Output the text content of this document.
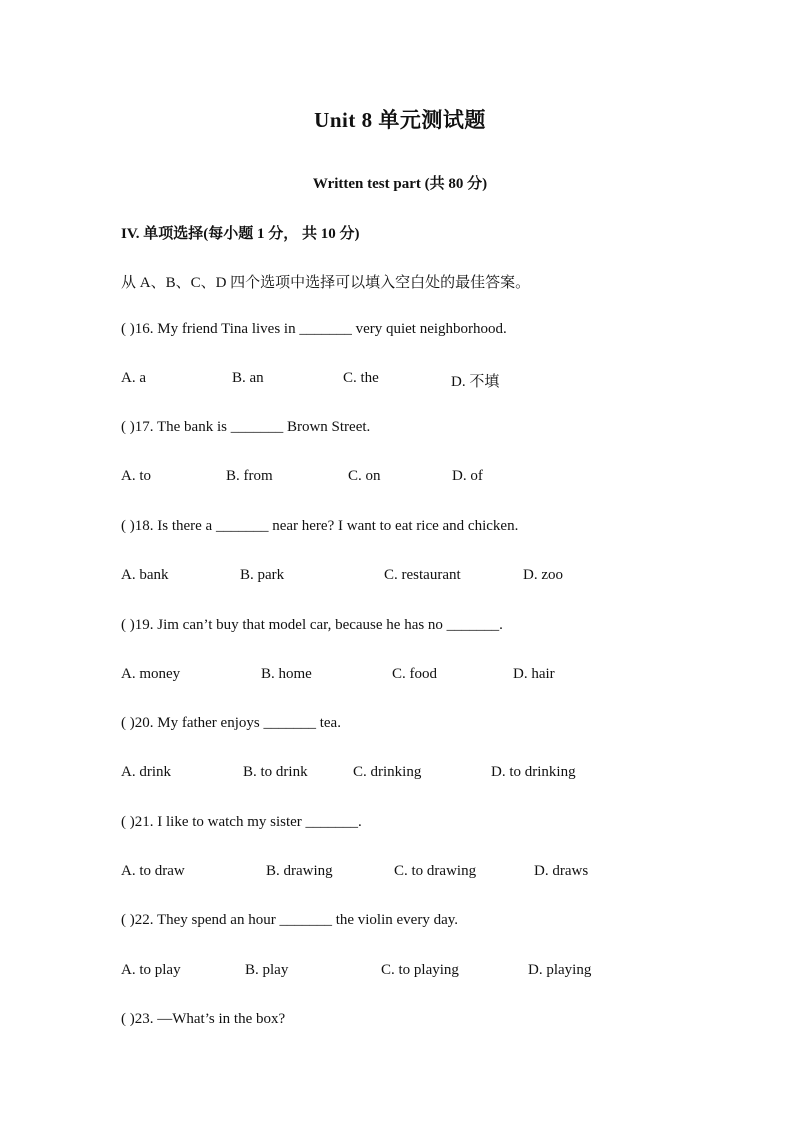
Unit 8 单元测试题
Written test part (共 80 分)
IV. 单项选择(每小题 1 分， 共 10 分)
从 A、B、C、D 四个选项中选择可以填入空白处的最佳答案。
( )16. My friend Tina lives in _______ very quiet neighborhood.
A. a	B. an	C. the	D. 不填
( )17. The bank is _______ Brown Street.
A. to	B. from	C. on	D. of
( )18. Is there a _______ near here? I want to eat rice and chicken.
A. bank	B. park	C. restaurant	D. zoo
( )19. Jim can’t buy that model car, because he has no _______.
A. money	B. home	C. food	D. hair
( )20. My father enjoys _______ tea.
A. drink	B. to drink	C. drinking	D. to drinking
( )21. I like to watch my sister _______.
A. to draw	B. drawing	C. to drawing	D. draws
( )22. They spend an hour _______ the violin every day.
A. to play	B. play	C. to playing	D. playing
( )23. —What’s in the box?
